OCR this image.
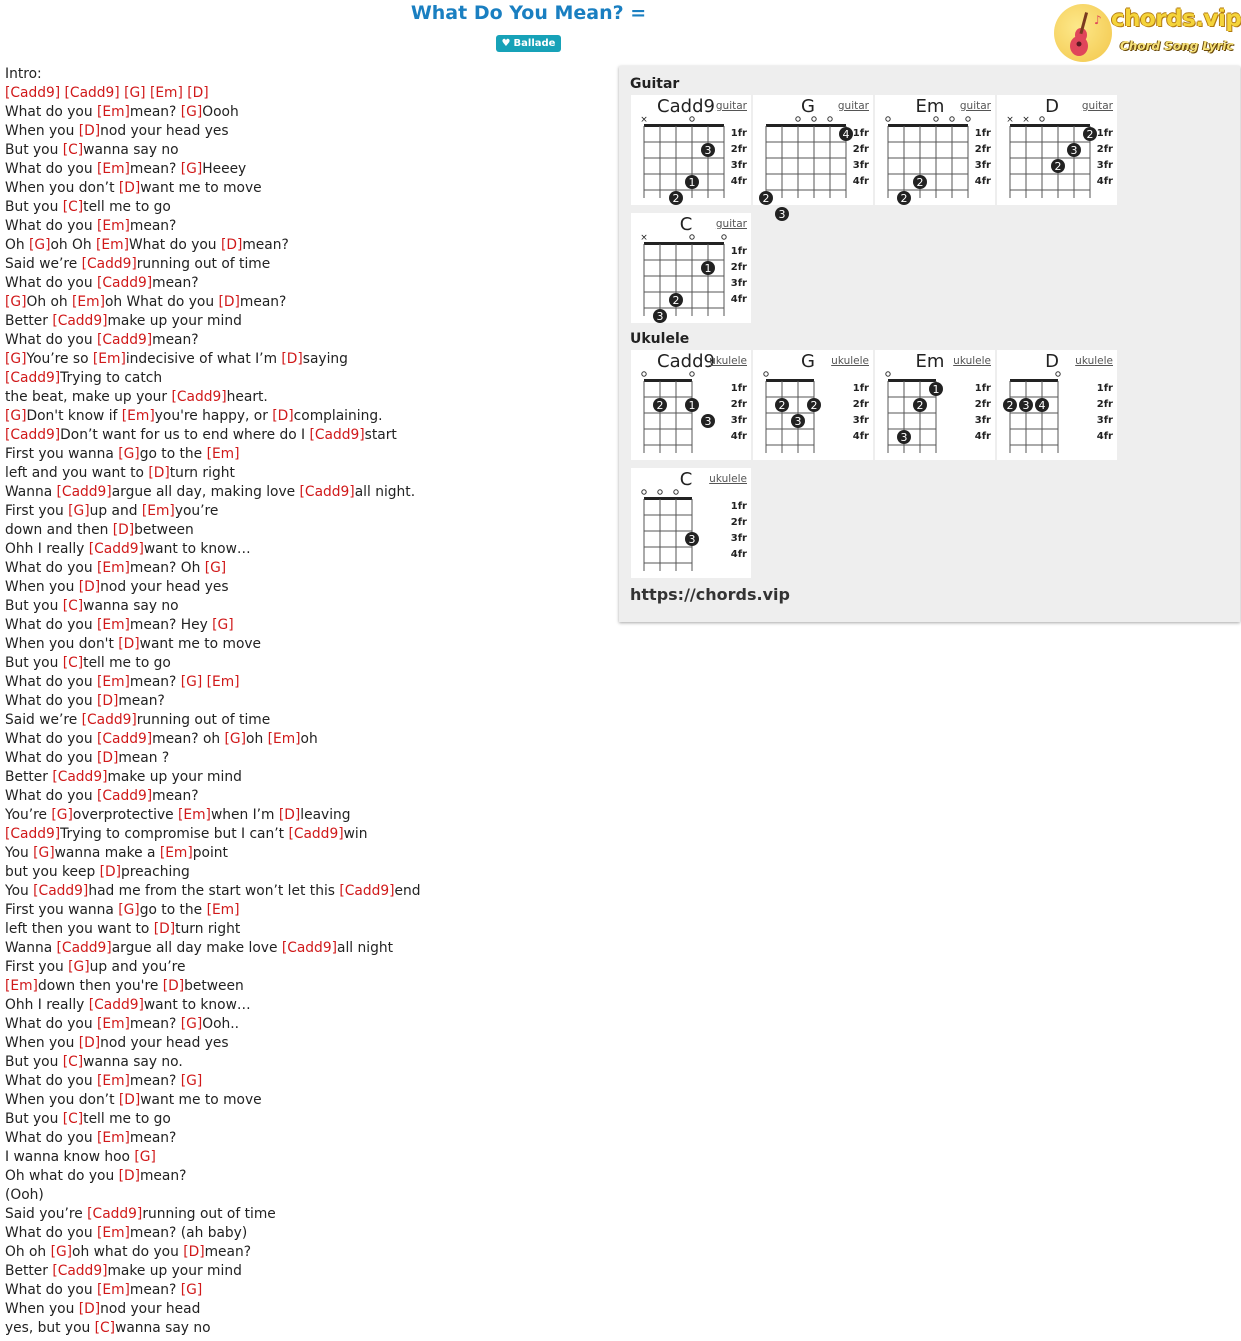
What Do You Mean? =
♥ Ballade
♪ chords.vip
Chord Song Lyric
Intro:
[Cadd9] [Cadd9] [G] [Em] [D]
What do you [Em]mean? [G]Oooh
When you [D]nod your head yes
But you [C]wanna say no
What do you [Em]mean? [G]Heeey
When you don’t [D]want me to move
But you [C]tell me to go
What do you [Em]mean?
Oh [G]oh Oh [Em]What do you [D]mean?
Said we’re [Cadd9]running out of time
What do you [Cadd9]mean?
[G]Oh oh [Em]oh What do you [D]mean?
Better [Cadd9]make up your mind
What do you [Cadd9]mean?
[G]You’re so [Em]indecisive of what I’m [D]saying
[Cadd9]Trying to catch
the beat, make up your [Cadd9]heart.
[G]Don't know if [Em]you're happy, or [D]complaining.
[Cadd9]Don’t want for us to end where do I [Cadd9]start
First you wanna [G]go to the [Em]
left and you want to [D]turn right
Wanna [Cadd9]argue all day, making love [Cadd9]all night.
First you [G]up and [Em]you’re
down and then [D]between
Ohh I really [Cadd9]want to know…
What do you [Em]mean? Oh [G]
When you [D]nod your head yes
But you [C]wanna say no
What do you [Em]mean? Hey [G]
When you don't [D]want me to move
But you [C]tell me to go
What do you [Em]mean? [G] [Em]
What do you [D]mean?
Said we’re [Cadd9]running out of time
What do you [Cadd9]mean? oh [G]oh [Em]oh
What do you [D]mean ?
Better [Cadd9]make up your mind
What do you [Cadd9]mean?
You’re [G]overprotective [Em]when I’m [D]leaving
[Cadd9]Trying to compromise but I can’t [Cadd9]win
You [G]wanna make a [Em]point
but you keep [D]preaching
You [Cadd9]had me from the start won’t let this [Cadd9]end
First you wanna [G]go to the [Em]
left then you want to [D]turn right
Wanna [Cadd9]argue all day make love [Cadd9]all night
First you [G]up and you’re
[Em]down then you're [D]between
Ohh I really [Cadd9]want to know…
What do you [Em]mean? [G]Ooh..
When you [D]nod your head yes
But you [C]wanna say no.
What do you [Em]mean? [G]
When you don’t [D]want me to move
But you [C]tell me to go
What do you [Em]mean?
I wanna know hoo [G]
Oh what do you [D]mean?
(Ooh)
Said you’re [Cadd9]running out of time
What do you [Em]mean? (ah baby)
Oh oh [G]oh what do you [D]mean?
Better [Cadd9]make up your mind
What do you [Em]mean? [G]
When you [D]nod your head
yes, but you [C]wanna say no
Guitar
Cadd9 guitar
×
2
1
3
1fr
2fr
3fr
4fr
G	guitar
2
3
4 1fr
2fr
3fr
4fr
Em	guitar
2
2
1fr
2fr
3fr
4fr
D	guitar
× ×
2
3
2 1fr
2fr
3fr
4fr
C	guitar
×
3
2
1
1fr
2fr
3fr
4fr
Ukulele
Cadd9
ukulele
1
2
3
1fr
2fr
3fr
4fr
G	ukulele
2 2
3
1fr
2fr
3fr
4fr
Em ukulele
1
2
3
1fr
2fr
3fr
4fr
D	ukulele
2 3 4
1fr
2fr
3fr
4fr
C	ukulele
3
1fr
2fr
3fr
4fr
https://chords.vip
